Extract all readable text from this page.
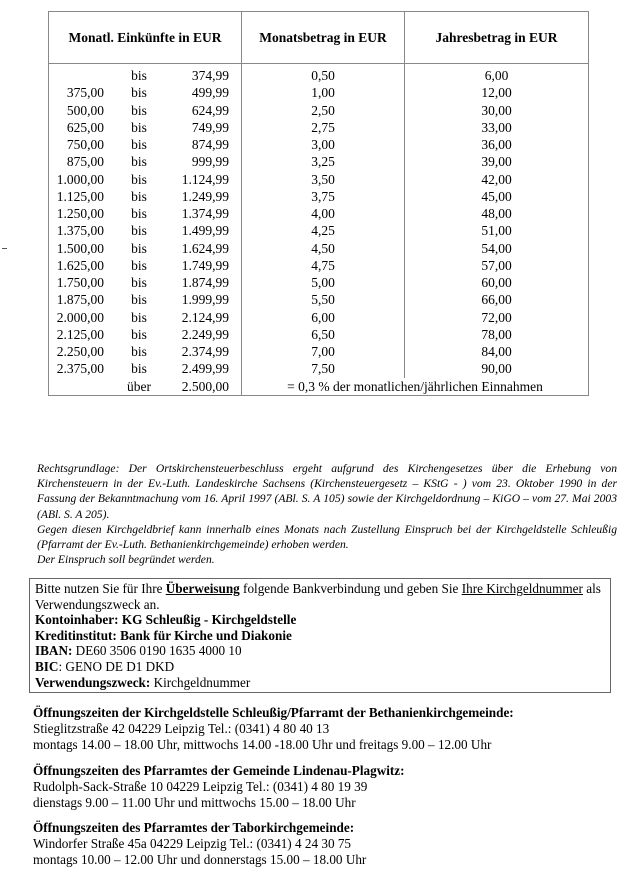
Monatl. Einkünfte in EUR	Monatsbetrag in EUR	Jahresbetrag in EUR

bis 374,99	0,50	6,00

375,00 bis 499,99	1,00	12,00

500,00 bis 624,99	2,50	30,00

625,00 bis 749,99	2,75	33,00

750,00 bis 874,99	3,00	36,00

875,00 bis 999,99	3,25	39,00

1.000,00 bis 1.124,99	3,50	42,00

1.125,00 bis 1.249,99	3,75	45,00

1.250,00 bis 1.374,99	4,00	48,00

1.375,00 bis 1.499,99	4,25	51,00

1.500,00 bis 1.624,99	4,50	54,00

1.625,00 bis 1.749,99	4,75	57,00

1.750,00 bis 1.874,99	5,00	60,00

1.875,00 bis 1.999,99	5,50	66,00

2.000,00 bis 2.124,99	6,00	72,00

2.125,00 bis 2.249,99	6,50	78,00

2.250,00 bis 2.374,99	7,00	84,00

2.375,00 bis 2.499,99	7,50	90,00

über 2.500,00	= 0,3 % der monatlichen/jährlichen Einnahmen	

Rechtsgrundlage: Der Ortskirchensteuerbeschluss ergeht aufgrund des Kirchengesetzes über die Erhebung von Kirchensteuern in der Ev.-Luth. Landeskirche Sachsens (Kirchensteuergesetz – KStG - ) vom 23. Oktober 1990 in der Fassung der Bekanntmachung vom 16. April 1997 (ABl. S. A 105) sowie der Kirchgeldordnung – KiGO – vom 27. Mai 2003 (ABl. S. A 205).

Gegen diesen Kirchgeldbrief kann innerhalb eines Monats nach Zustellung Einspruch bei der Kirchgeldstelle Schleußig (Pfarramt der Ev.-Luth. Bethanienkirchgemeinde) erhoben werden.

Der Einspruch soll begründet werden.

Bitte nutzen Sie für Ihre Überweisung folgende Bankverbindung und geben Sie Ihre Kirchgeldnummer als Verwendungszweck an.

Kontoinhaber: KG Schleußig - Kirchgeldstelle

Kreditinstitut: Bank für Kirche und Diakonie

IBAN: DE60 3506 0190 1635 4000 10

BIC: GENO DE D1 DKD

Verwendungszweck: Kirchgeldnummer

Öffnungszeiten der Kirchgeldstelle Schleußig/Pfarramt der Bethanienkirchgemeinde:

Stieglitzstraße 42 04229 Leipzig Tel.: (0341) 4 80 40 13

montags 14.00 – 18.00 Uhr, mittwochs 14.00 -18.00 Uhr und freitags 9.00 – 12.00 Uhr

Öffnungszeiten des Pfarramtes der Gemeinde Lindenau-Plagwitz:

Rudolph-Sack-Straße 10 04229 Leipzig Tel.: (0341) 4 80 19 39

dienstags 9.00 – 11.00 Uhr und mittwochs 15.00 – 18.00 Uhr

Öffnungszeiten des Pfarramtes der Taborkirchgemeinde:

Windorfer Straße 45a 04229 Leipzig Tel.: (0341) 4 24 30 75

montags 10.00 – 12.00 Uhr und donnerstags 15.00 – 18.00 Uhr
